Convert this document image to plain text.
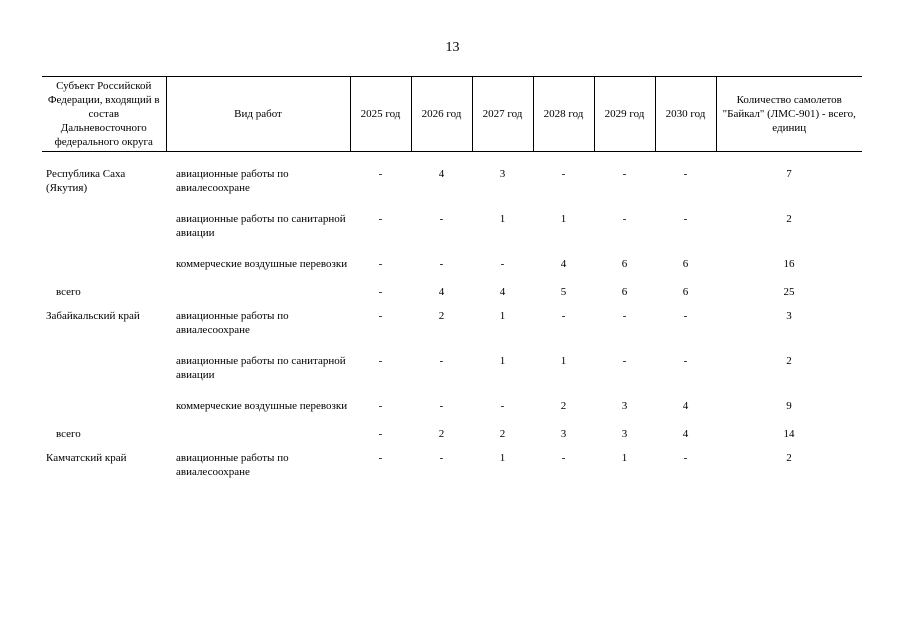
13
Субъект Российской Федерации, входящий в состав Дальневосточного федерального округа	Вид работ	2025 год	2026 год	2027 год	2028 год	2029 год	2030 год	Количество самолетов "Байкал" (ЛМС-901) - всего, единиц
Республика Саха (Якутия)	авиационные работы по авиалесоохране	-	4	3	-	-	-	7
	авиационные работы по санитарной авиации	-	-	1	1	-	-	2
	коммерческие воздушные перевозки	-	-	-	4	6	6	16
всего		-	4	4	5	6	6	25
Забайкальский край	авиационные работы по авиалесоохране	-	2	1	-	-	-	3
	авиационные работы по санитарной авиации	-	-	1	1	-	-	2
	коммерческие воздушные перевозки	-	-	-	2	3	4	9
всего		-	2	2	3	3	4	14
Камчатский край	авиационные работы по авиалесоохране	-	-	1	-	1	-	2
